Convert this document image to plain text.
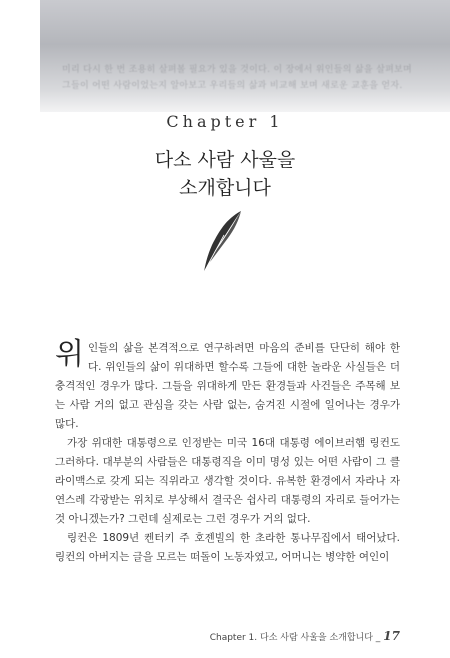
미리 다시 한 번 조용히 살펴볼 필요가 있을 것이다. 이 장에서 위인들의 삶을 살펴보며
그들이 어떤 사람이었는지 알아보고 우리들의 삶과 비교해 보며 새로운 교훈을 얻자.
Chapter 1
다소 사람 사울을
소개합니다

위인들의 삶을 본격적으로 연구하려면 마음의 준비를 단단히 해야 한다. 위인들의 삶이 위대하면 할수록 그들에 대한 놀라운 사실들은 더 충격적인 경우가 많다. 그들을 위대하게 만든 환경들과 사건들은 주목해 보는 사람 거의 없고 관심을 갖는 사람 없는, 숨겨진 시절에 일어나는 경우가 많다.

가장 위대한 대통령으로 인정받는 미국 16대 대통령 에이브러햄 링컨도 그러하다. 대부분의 사람들은 대통령직을 이미 명성 있는 어떤 사람이 그 클라이맥스로 갖게 되는 직위라고 생각할 것이다. 유복한 환경에서 자라나 자연스레 각광받는 위치로 부상해서 결국은 쉽사리 대통령의 자리로 들어가는 것 아니겠는가? 그런데 실제로는 그런 경우가 거의 없다.

링컨은 1809년 켄터키 주 호젠빌의 한 초라한 통나무집에서 태어났다. 링컨의 아버지는 글을 모르는 떠돌이 노동자였고, 어머니는 병약한 여인이

Chapter 1. 다소 사람 사울을 소개합니다 _ 17
